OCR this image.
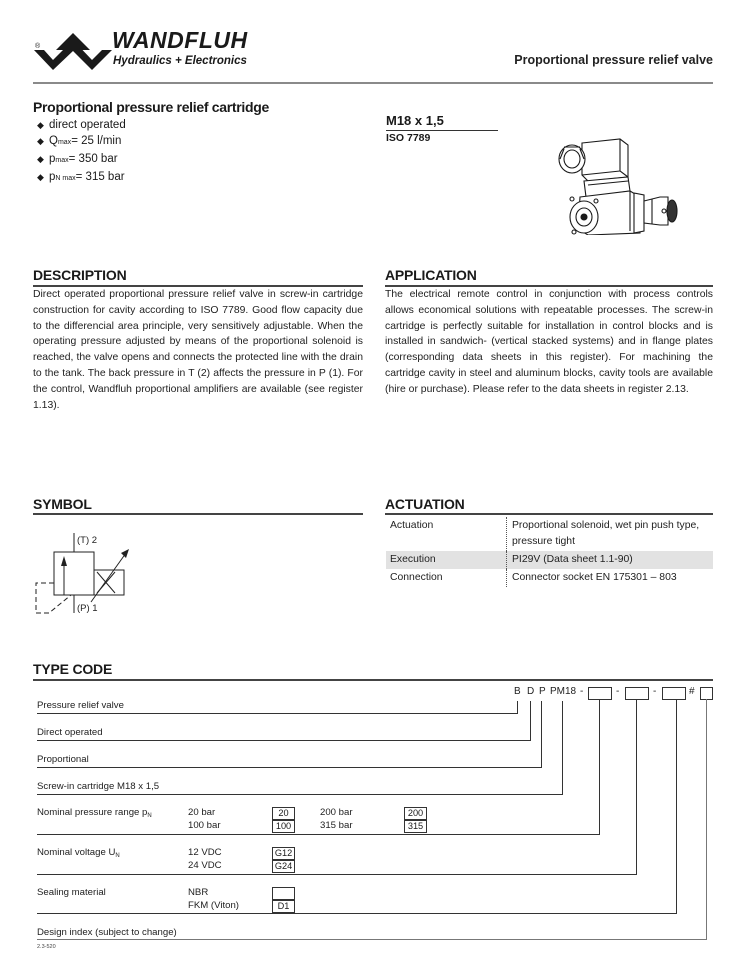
®	WANDFLUH
Hydraulics + Electronics	Proportional pressure relief valve
Proportional pressure relief cartridge
◆ direct operated
◆ Q max = 25 l/min
◆ p max = 350 bar
◆ p N max = 315 bar
M18 x 1,5
ISO 7789
DESCRIPTION
Direct operated proportional pressure relief valve in screw-in cartridge construction for cavity according to ISO 7789. Good flow capacity due to the differencial area principle, very sensitively adjustable. When the operating pressure adjusted by means of the proportional solenoid is reached, the valve opens and connects the protected line with the drain to the tank. The back pressure in T (2) affects the pressure in P (1). For the control, Wandfluh proportional amplifiers are available (see register 1.13).
APPLICATION
The electrical remote control in conjunction with process controls allows economical solutions with repeatable processes. The screw-in cartridge is perfectly suitable for installation in control blocks and is installed in sandwich- (vertical stacked systems) and in flange plates (corresponding data sheets in this register). For machining the cartridge cavity in steel and aluminum blocks, cavity tools are available (hire or purchase). Please refer to the data sheets in register 2.13.
SYMBOL
(T) 2
(P) 1
ACTUATION
Actuation	Proportional solenoid, wet pin push type, pressure tight
Execution	PI29V (Data sheet 1.1-90)
Connection	Connector socket EN 175301 – 803
TYPE CODE
B D P PM18 -	-	-	#
Pressure relief valve
Direct operated
Proportional
Screw-in cartridge M18 x 1,5
Nominal pressure range $p_N$	20 bar	20
100 bar	100
200 bar	200
315 bar	315
Nominal voltage $U_N$	12 VDC	G12
24 VDC	G24
Sealing material	NBR
FKM (Viton)	D1
Design index (subject to change)
2.3-520
